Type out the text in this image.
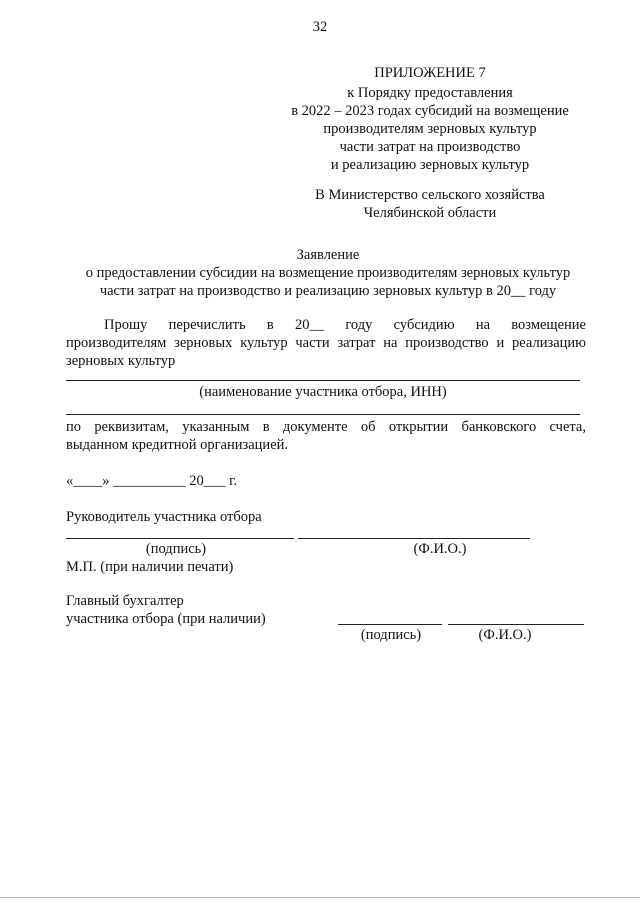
32
ПРИЛОЖЕНИЕ 7
к Порядку предоставления
в 2022 – 2023 годах субсидий на возмещение
производителям зерновых культур
части затрат на производство
и реализацию зерновых культур
В Министерство сельского хозяйства
Челябинской области
Заявление
о предоставлении субсидии на возмещение производителям зерновых культур
части затрат на производство и реализацию зерновых культур в 20__ году
Прошу перечислить в 20__ году субсидию на возмещение
производителям зерновых культур части затрат на производство и реализацию
зерновых культур
(наименование участника отбора, ИНН)
по реквизитам, указанным в документе об открытии банковского счета,
выданном кредитной организацией.
«____» __________ 20___ г.
Руководитель участника отбора
(подпись)	(Ф.И.О.)
М.П. (при наличии печати)
Главный бухгалтер
участника отбора (при наличии)
(подпись)	(Ф.И.О.)
